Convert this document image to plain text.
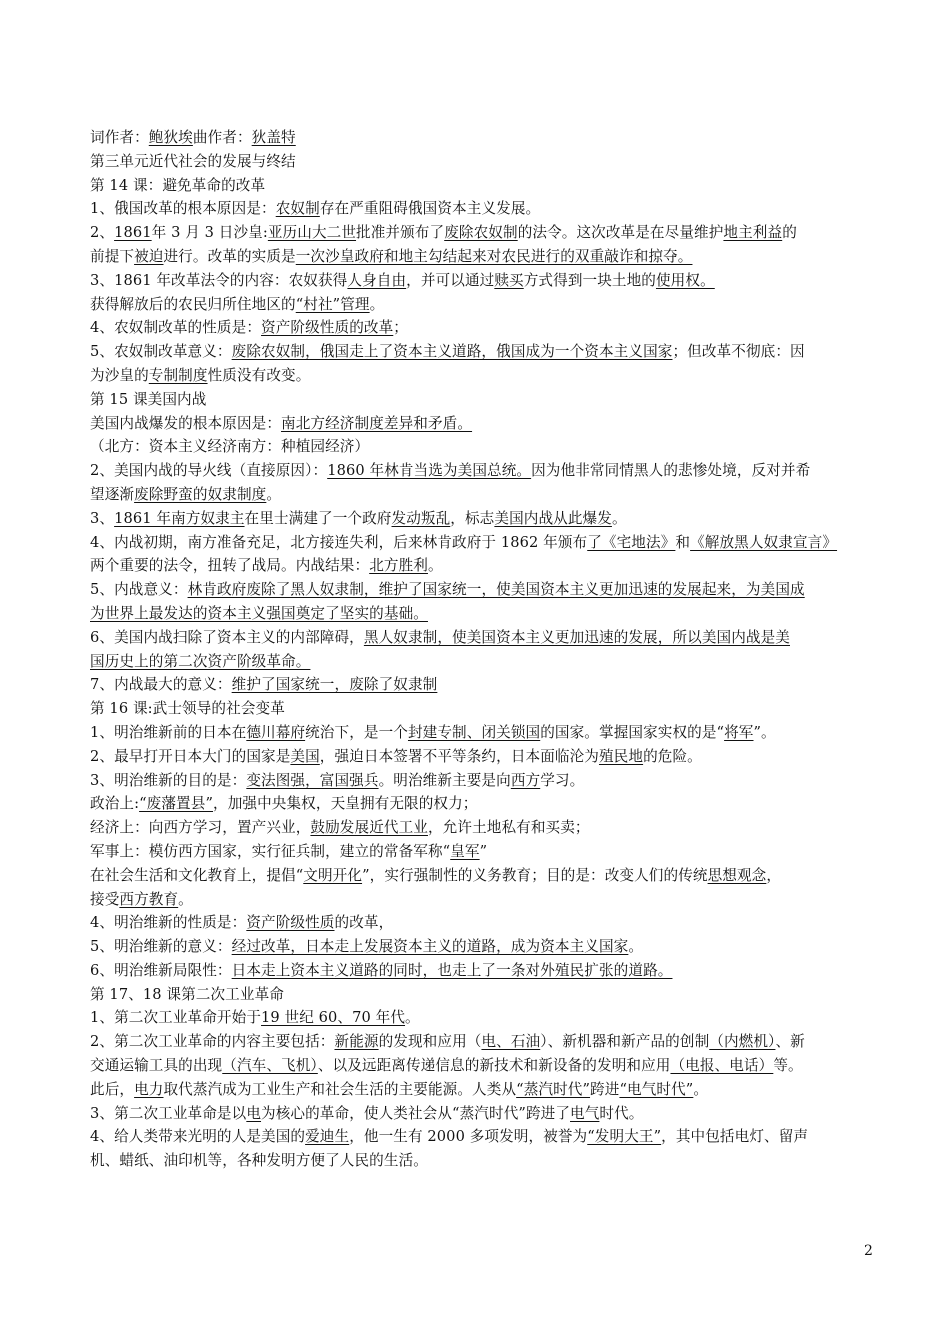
词作者：鲍狄埃曲作者：狄盖特
第三单元近代社会的发展与终结
第 14 课：避免革命的改革
1、俄国改革的根本原因是：农奴制存在严重阻碍俄国资本主义发展。
2、1861年 3 月 3 日沙皇:亚历山大二世批准并颁布了废除农奴制的法令。这次改革是在尽量维护地主利益的
前提下被迫进行。改革的实质是一次沙皇政府和地主勾结起来对农民进行的双重敲诈和掠夺。
3、1861 年改革法令的内容：农奴获得人身自由，并可以通过赎买方式得到一块土地的使用权。
获得解放后的农民归所住地区的“村社”管理。
4、农奴制改革的性质是：资产阶级性质的改革；
5、农奴制改革意义：废除农奴制，俄国走上了资本主义道路，俄国成为一个资本主义国家；但改革不彻底：因
为沙皇的专制制度性质没有改变。
第 15 课美国内战
美国内战爆发的根本原因是：南北方经济制度差异和矛盾。
（北方：资本主义经济南方：种植园经济）
2、美国内战的导火线（直接原因）：1860 年林肯当选为美国总统。因为他非常同情黑人的悲惨处境，反对并希
望逐渐废除野蛮的奴隶制度。
3、1861 年南方奴隶主在里士满建了一个政府发动叛乱，标志美国内战从此爆发。
4、内战初期，南方准备充足，北方接连失利，后来林肯政府于 1862 年颁布了《宅地法》和《解放黑人奴隶宣言》
两个重要的法令，扭转了战局。内战结果：北方胜利。
5、内战意义：林肯政府废除了黑人奴隶制，维护了国家统一，使美国资本主义更加迅速的发展起来，为美国成
为世界上最发达的资本主义强国奠定了坚实的基础。
6、美国内战扫除了资本主义的内部障碍，黑人奴隶制，使美国资本主义更加迅速的发展，所以美国内战是美
国历史上的第二次资产阶级革命。
7、内战最大的意义：维护了国家统一，废除了奴隶制
第 16 课:武士领导的社会变革
1、明治维新前的日本在德川幕府统治下，是一个封建专制、闭关锁国的国家。掌握国家实权的是“将军”。
2、最早打开日本大门的国家是美国，强迫日本签署不平等条约，日本面临沦为殖民地的危险。
3、明治维新的目的是：变法图强，富国强兵。明治维新主要是向西方学习。
政治上:“废藩置县”，加强中央集权，天皇拥有无限的权力；
经济上：向西方学习，置产兴业，鼓励发展近代工业，允许土地私有和买卖；
军事上：模仿西方国家，实行征兵制，建立的常备军称“皇军”
在社会生活和文化教育上，提倡“文明开化”，实行强制性的义务教育；目的是：改变人们的传统思想观念，
接受西方教育。
4、明治维新的性质是：资产阶级性质的改革，
5、明治维新的意义：经过改革，日本走上发展资本主义的道路，成为资本主义国家。
6、明治维新局限性：日本走上资本主义道路的同时，也走上了一条对外殖民扩张的道路。
第 17、18 课第二次工业革命
1、第二次工业革命开始于19 世纪 60、70 年代。
2、第二次工业革命的内容主要包括：新能源的发现和应用（电、石油）、新机器和新产品的创制（内燃机）、新
交通运输工具的出现（汽车、飞机）、以及远距离传递信息的新技术和新设备的发明和应用（电报、电话）等。
此后，电力取代蒸汽成为工业生产和社会生活的主要能源。人类从“蒸汽时代”跨进“电气时代”。
3、第二次工业革命是以电为核心的革命，使人类社会从“蒸汽时代”跨进了电气时代。
4、给人类带来光明的人是美国的爱迪生，他一生有 2000 多项发明，被誉为“发明大王”，其中包括电灯、留声
机、蜡纸、油印机等，各种发明方便了人民的生活。
2
